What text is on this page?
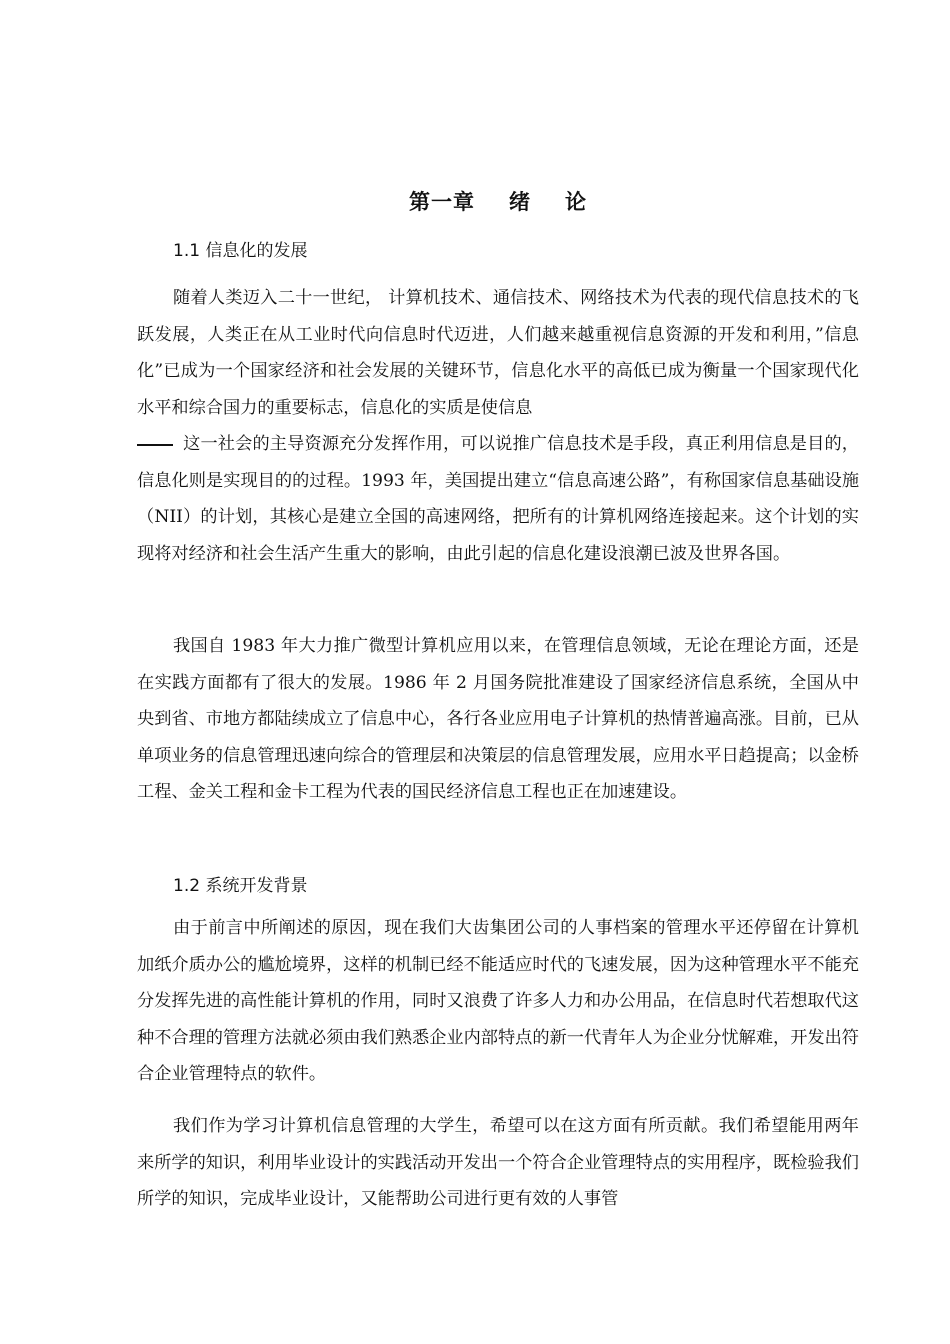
第一章 绪 论
1.1 信息化的发展

随着人类迈入二十一世纪， 计算机技术、通信技术、网络技术为代表的现代信息技术的飞跃发展，人类正在从工业时代向信息时代迈进，人们越来越重视信息资源的开发和利用，”信息化”已成为一个国家经济和社会发展的关键环节，信息化水平的高低已成为衡量一个国家现代化水平和综合国力的重要标志，信息化的实质是使信息

这一社会的主导资源充分发挥作用，可以说推广信息技术是手段，真正利用信息是目的，信息化则是实现目的的过程。1993 年，美国提出建立“信息高速公路”，有称国家信息基础设施（NII）的计划，其核心是建立全国的高速网络，把所有的计算机网络连接起来。这个计划的实现将对经济和社会生活产生重大的影响，由此引起的信息化建设浪潮已波及世界各国。

我国自 1983 年大力推广微型计算机应用以来，在管理信息领域，无论在理论方面，还是在实践方面都有了很大的发展。1986 年 2 月国务院批准建设了国家经济信息系统，全国从中央到省、市地方都陆续成立了信息中心，各行各业应用电子计算机的热情普遍高涨。目前，已从单项业务的信息管理迅速向综合的管理层和决策层的信息管理发展，应用水平日趋提高；以金桥工程、金关工程和金卡工程为代表的国民经济信息工程也正在加速建设。

1.2 系统开发背景

由于前言中所阐述的原因，现在我们大齿集团公司的人事档案的管理水平还停留在计算机加纸介质办公的尴尬境界，这样的机制已经不能适应时代的飞速发展，因为这种管理水平不能充分发挥先进的高性能计算机的作用，同时又浪费了许多人力和办公用品，在信息时代若想取代这种不合理的管理方法就必须由我们熟悉企业内部特点的新一代青年人为企业分忧解难，开发出符合企业管理特点的软件。

我们作为学习计算机信息管理的大学生，希望可以在这方面有所贡献。我们希望能用两年来所学的知识，利用毕业设计的实践活动开发出一个符合企业管理特点的实用程序，既检验我们所学的知识，完成毕业设计，又能帮助公司进行更有效的人事管
